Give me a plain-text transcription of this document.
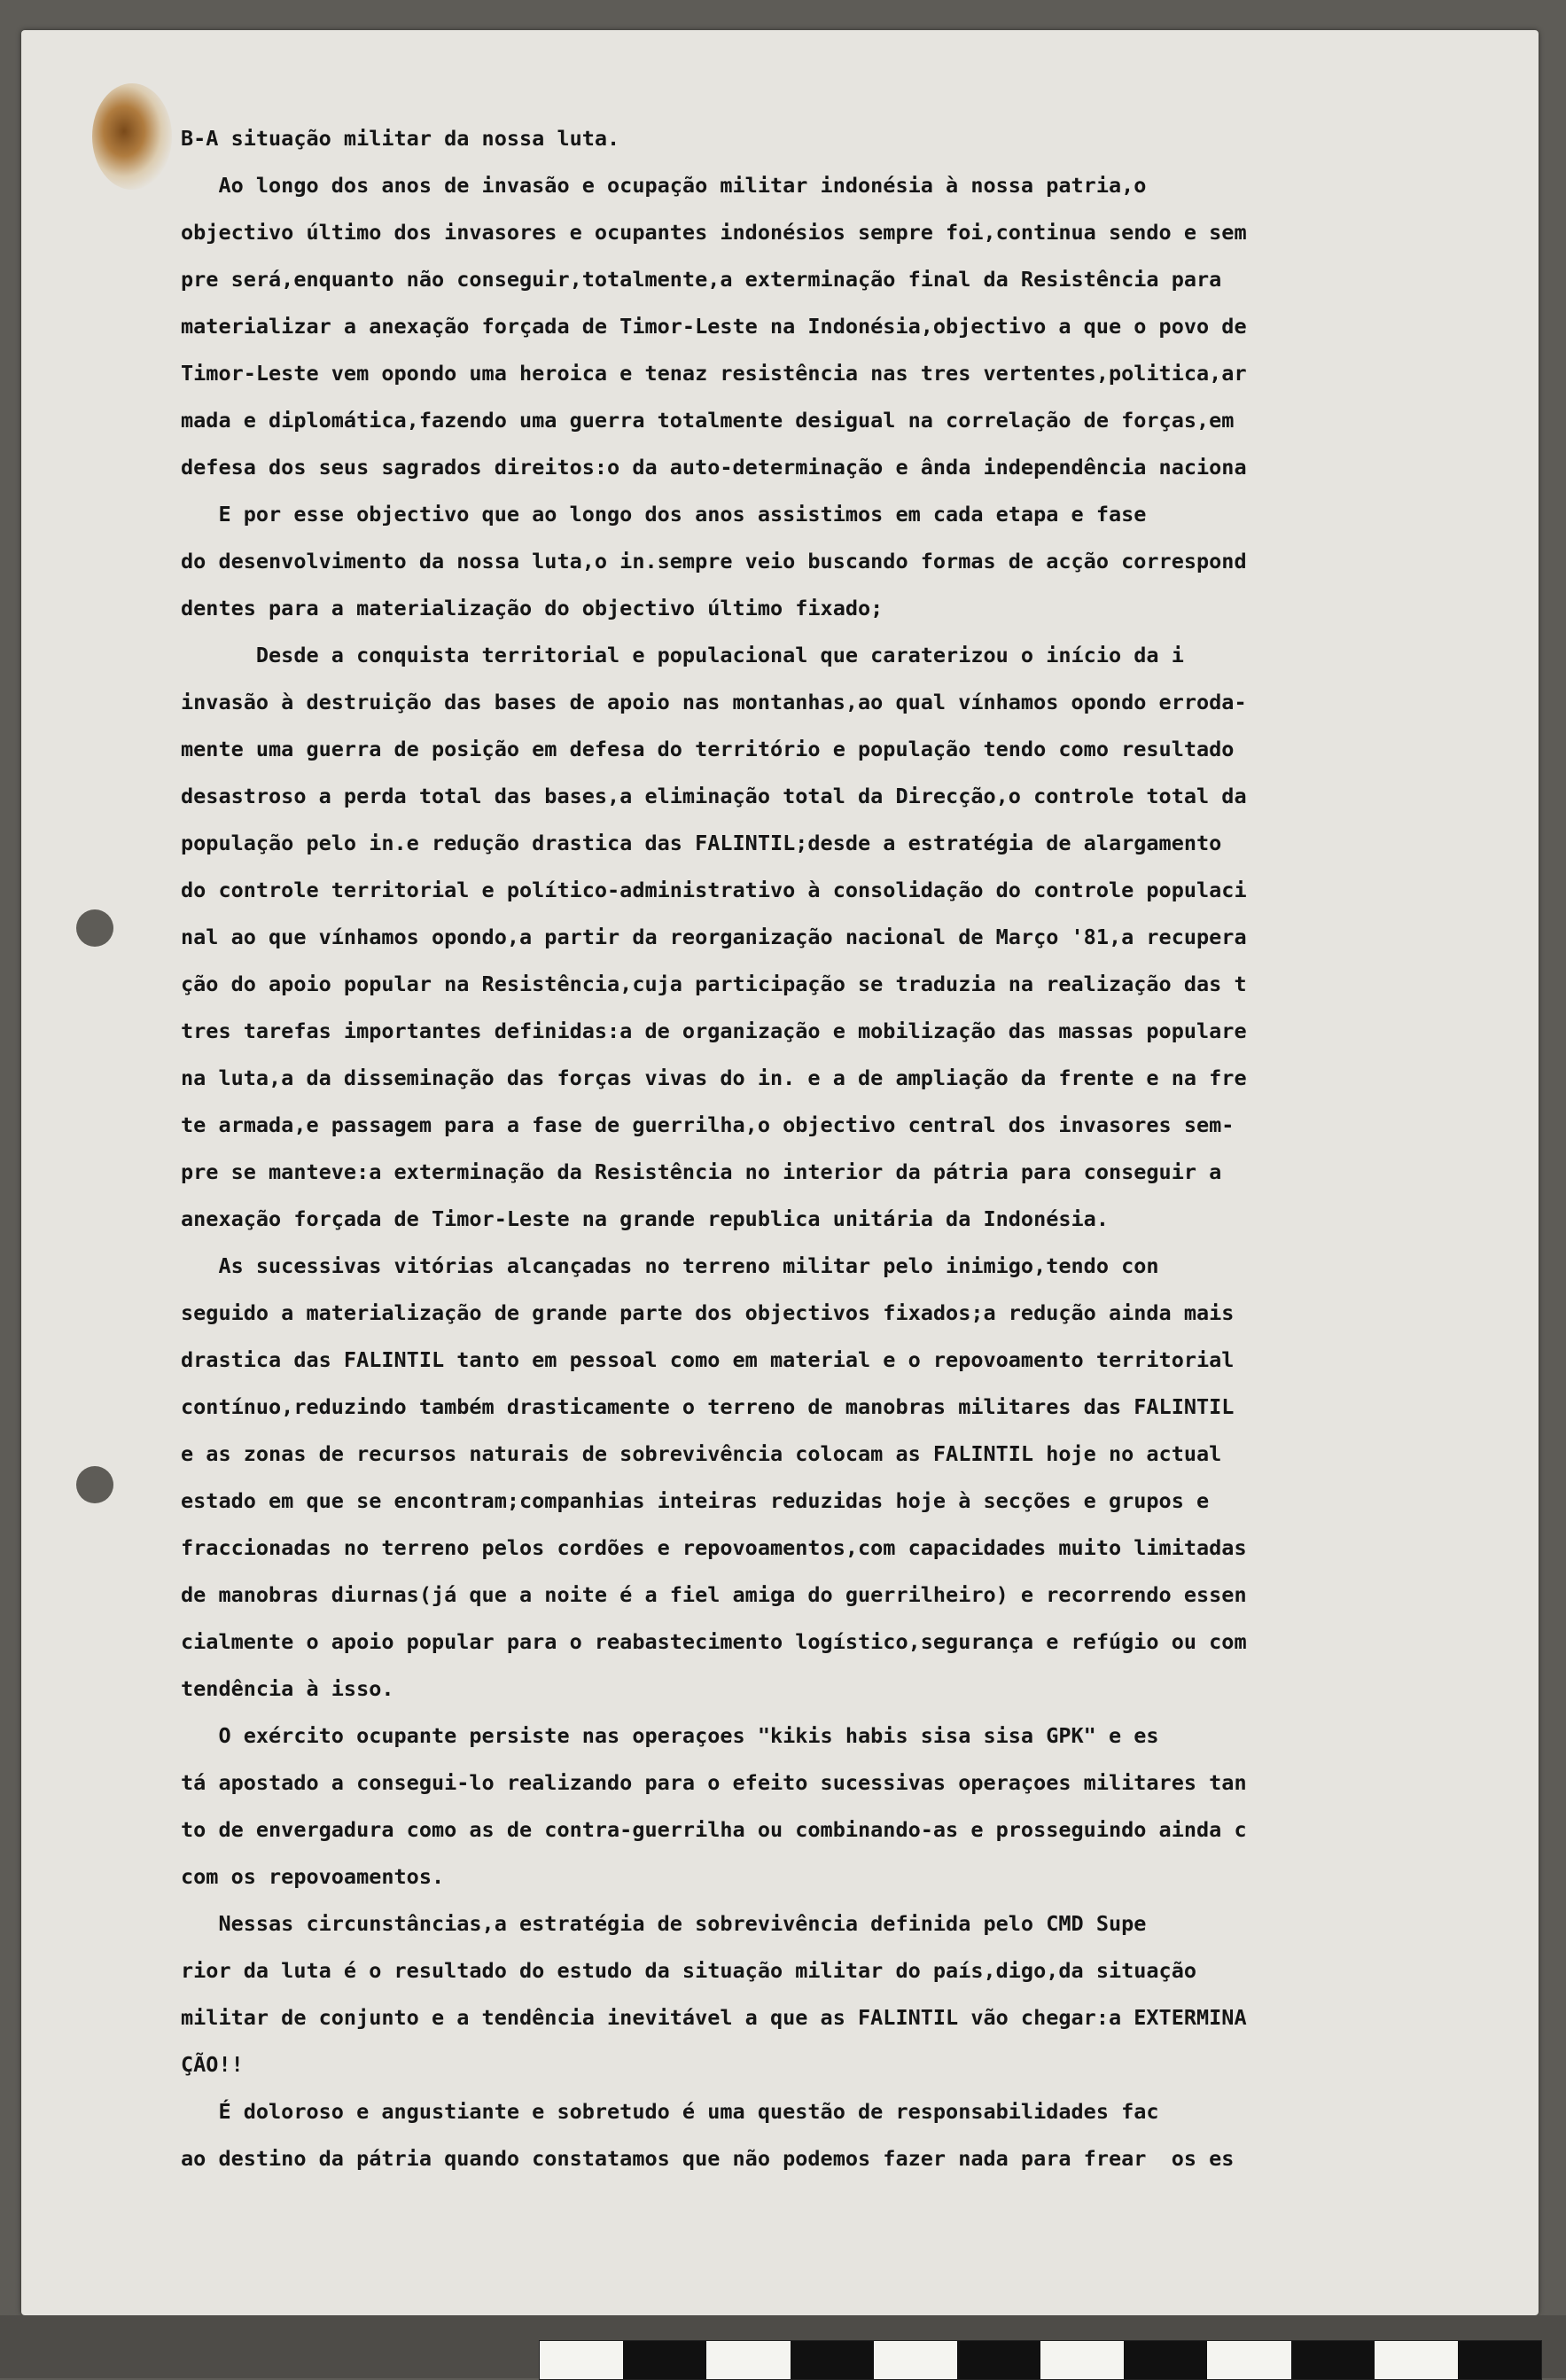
B-A situação militar da nossa luta.
Ao longo dos anos de invasão e ocupação militar indonésia à nossa patria,o
objectivo último dos invasores e ocupantes indonésios sempre foi,continua sendo e sem
pre será,enquanto não conseguir,totalmente,a exterminação final da Resistência para
materializar a anexação forçada de Timor-Leste na Indonésia,objectivo a que o povo de
Timor-Leste vem opondo uma heroica e tenaz resistência nas tres vertentes,politica,ar
mada e diplomática,fazendo uma guerra totalmente desigual na correlação de forças,em
defesa dos seus sagrados direitos:o da auto-determinação e ânda independência naciona
E por esse objectivo que ao longo dos anos assistimos em cada etapa e fase
do desenvolvimento da nossa luta,o in.sempre veio buscando formas de acção correspond
dentes para a materialização do objectivo último fixado;
Desde a conquista territorial e populacional que caraterizou o início da i
invasão à destruição das bases de apoio nas montanhas,ao qual vínhamos opondo erroda-
mente uma guerra de posição em defesa do território e população tendo como resultado
desastroso a perda total das bases,a eliminação total da Direcção,o controle total da
população pelo in.e redução drastica das FALINTIL;desde a estratégia de alargamento
do controle territorial e político-administrativo à consolidação do controle populaci
nal ao que vínhamos opondo,a partir da reorganização nacional de Março '81,a recupera
ção do apoio popular na Resistência,cuja participação se traduzia na realização das t
tres tarefas importantes definidas:a de organização e mobilização das massas populare
na luta,a da disseminação das forças vivas do in. e a de ampliação da frente e na fre
te armada,e passagem para a fase de guerrilha,o objectivo central dos invasores sem-
pre se manteve:a exterminação da Resistência no interior da pátria para conseguir a
anexação forçada de Timor-Leste na grande republica unitária da Indonésia.
As sucessivas vitórias alcançadas no terreno militar pelo inimigo,tendo con
seguido a materialização de grande parte dos objectivos fixados;a redução ainda mais
drastica das FALINTIL tanto em pessoal como em material e o repovoamento territorial
contínuo,reduzindo também drasticamente o terreno de manobras militares das FALINTIL
e as zonas de recursos naturais de sobrevivência colocam as FALINTIL hoje no actual
estado em que se encontram;companhias inteiras reduzidas hoje à secções e grupos e
fraccionadas no terreno pelos cordões e repovoamentos,com capacidades muito limitadas
de manobras diurnas(já que a noite é a fiel amiga do guerrilheiro) e recorrendo essen
cialmente o apoio popular para o reabastecimento logístico,segurança e refúgio ou com
tendência à isso.
O exército ocupante persiste nas operaçoes "kikis habis sisa sisa GPK" e es
tá apostado a consegui-lo realizando para o efeito sucessivas operaçoes militares tan
to de envergadura como as de contra-guerrilha ou combinando-as e prosseguindo ainda c
com os repovoamentos.
Nessas circunstâncias,a estratégia de sobrevivência definida pelo CMD Supe
rior da luta é o resultado do estudo da situação militar do país,digo,da situação
militar de conjunto e a tendência inevitável a que as FALINTIL vão chegar:a EXTERMINA
ÇÃO!!
É doloroso e angustiante e sobretudo é uma questão de responsabilidades fac
ao destino da pátria quando constatamos que não podemos fazer nada para frear  os es
